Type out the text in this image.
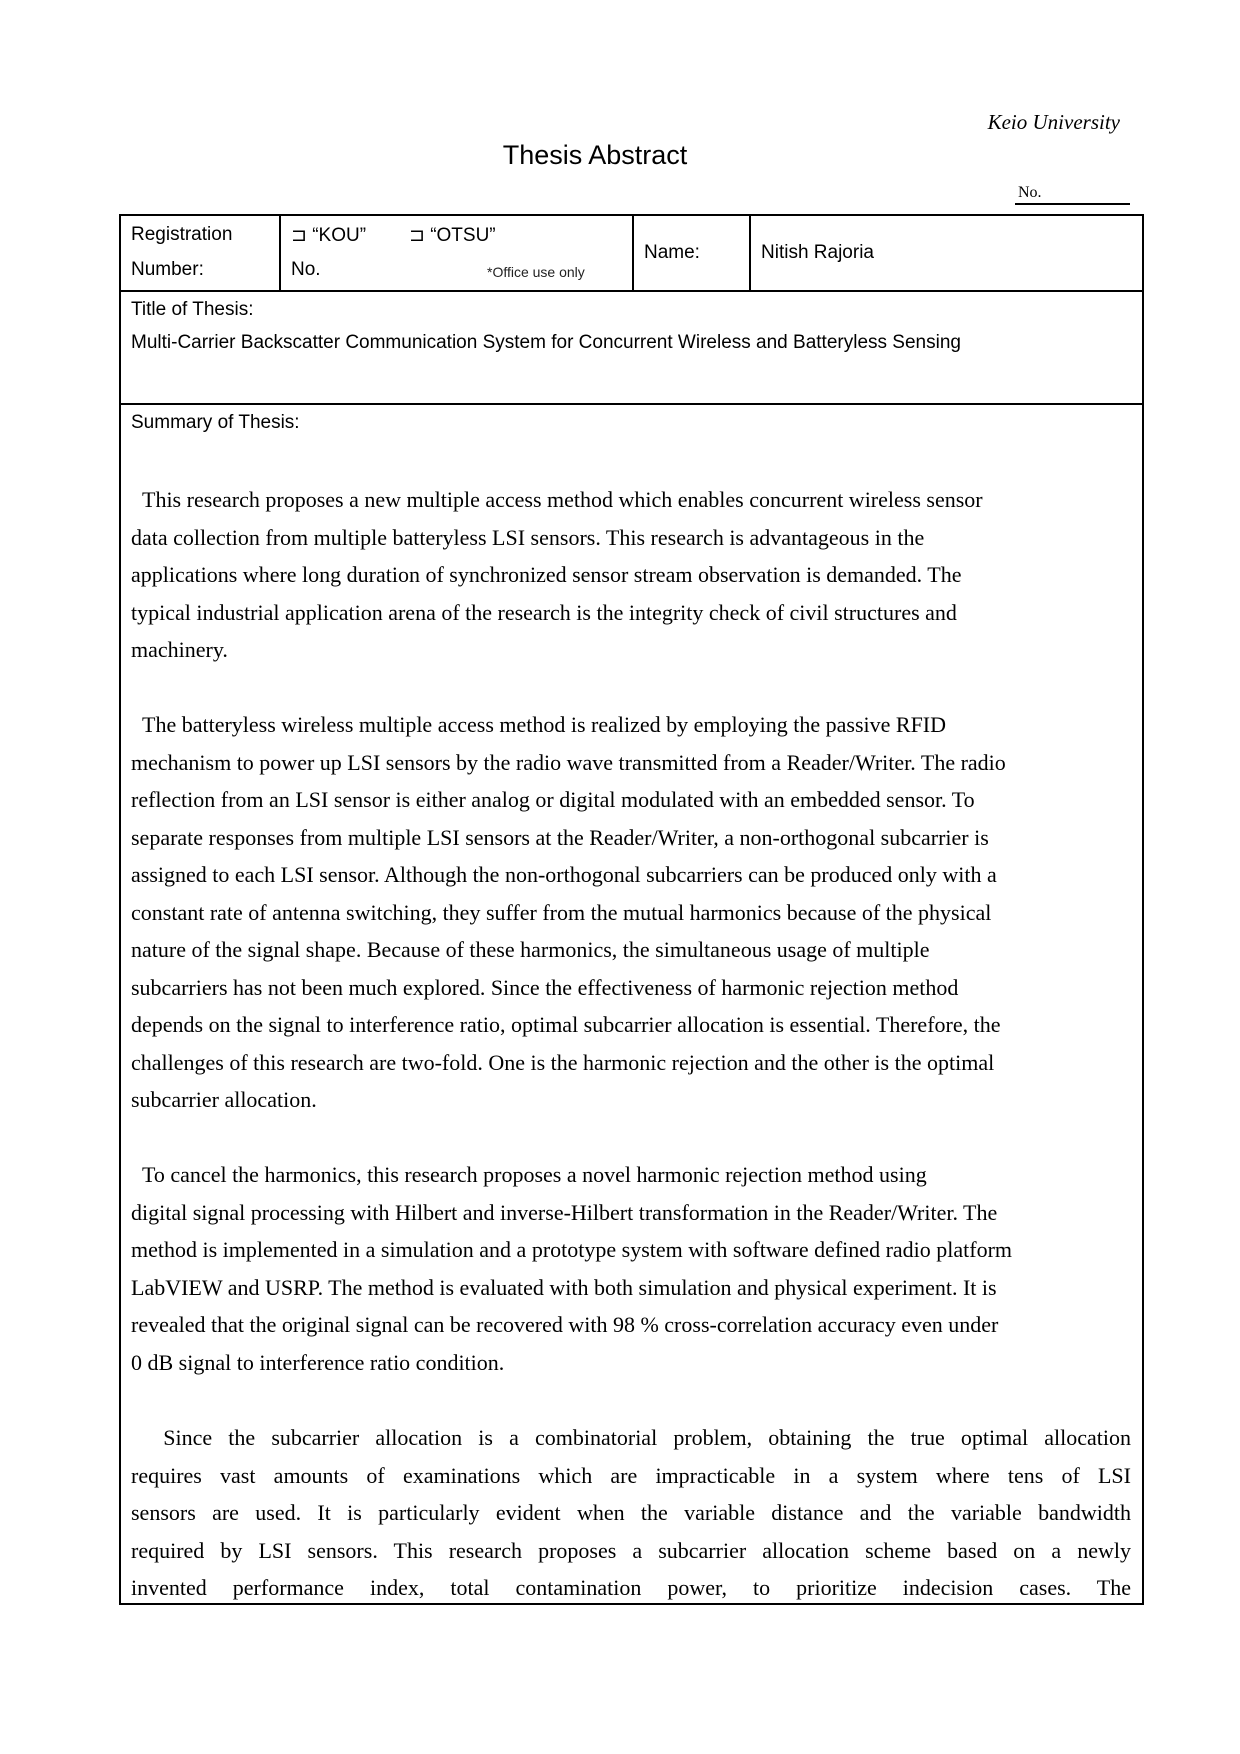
Keio University
Thesis Abstract
No.
Registration
Number:
⊐ “KOU” ⊐ “OTSU”
No.	*Office use only
Name:	Nitish Rajoria
Title of Thesis:
Multi-Carrier Backscatter Communication System for Concurrent Wireless and Batteryless Sensing
Summary of Thesis:
This research proposes a new multiple access method which enables concurrent wireless sensor
data collection from multiple batteryless LSI sensors. This research is advantageous in the
applications where long duration of synchronized sensor stream observation is demanded. The
typical industrial application arena of the research is the integrity check of civil structures and
machinery.
The batteryless wireless multiple access method is realized by employing the passive RFID
mechanism to power up LSI sensors by the radio wave transmitted from a Reader/Writer. The radio
reflection from an LSI sensor is either analog or digital modulated with an embedded sensor. To
separate responses from multiple LSI sensors at the Reader/Writer, a non-orthogonal subcarrier is
assigned to each LSI sensor. Although the non-orthogonal subcarriers can be produced only with a
constant rate of antenna switching, they suffer from the mutual harmonics because of the physical
nature of the signal shape. Because of these harmonics, the simultaneous usage of multiple
subcarriers has not been much explored. Since the effectiveness of harmonic rejection method
depends on the signal to interference ratio, optimal subcarrier allocation is essential. Therefore, the
challenges of this research are two-fold. One is the harmonic rejection and the other is the optimal
subcarrier allocation.
To cancel the harmonics, this research proposes a novel harmonic rejection method using
digital signal processing with Hilbert and inverse-Hilbert transformation in the Reader/Writer. The
method is implemented in a simulation and a prototype system with software defined radio platform
LabVIEW and USRP. The method is evaluated with both simulation and physical experiment. It is
revealed that the original signal can be recovered with 98 % cross-correlation accuracy even under
0 dB signal to interference ratio condition.
Since the subcarrier allocation is a combinatorial problem, obtaining the true optimal allocation
requires vast amounts of examinations which are impracticable in a system where tens of LSI
sensors are used. It is particularly evident when the variable distance and the variable bandwidth
required by LSI sensors. This research proposes a subcarrier allocation scheme based on a newly
invented performance index, total contamination power, to prioritize indecision cases. The
